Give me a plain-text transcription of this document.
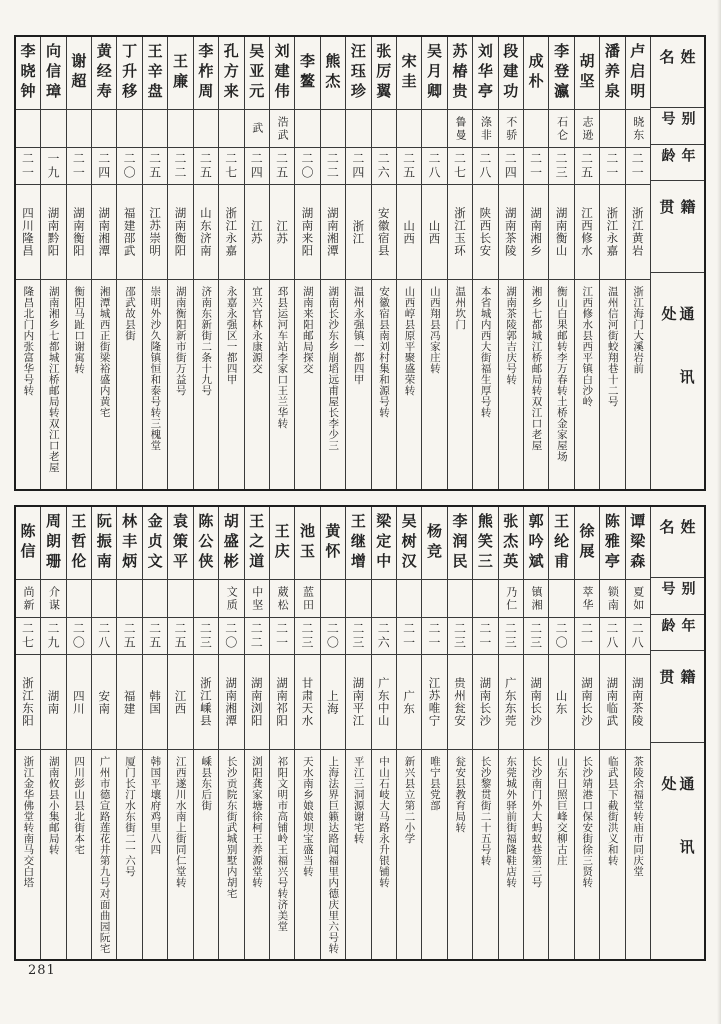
姓名
别号
年龄
籍贯
通讯处
卢启明
晓东
二一
浙江黄岩
浙江海门大溪岩前
潘养泉
二一
浙江永嘉
温州信河街蛟翔巷十二号
胡坚
志逊
二五
江西修水
江西修水县西平镇白沙岭
李登瀛
石仑
二三
湖南衡山
衡山白果邮转李万春转土桥金家屋场
成朴
二一
湖南湘乡
湘乡七都城江桥邮局转双江口老屋
段建功
不骄
二四
湖南茶陵
湖南茶陵郭吉庆号转
刘华亭
涤非
二八
陕西长安
本省城内西大街福生厚号转
苏椿贵
鲁曼
二七
浙江玉环
温州坎门
吴月卿
二八
山西
山西翔县冯家庄转
宋圭
二五
山西
山西崞县原平聚盛荣转
张厉翼
二六
安徽宿县
安徽宿县南刘村集和源号转
汪珏珍
二四
浙江
温州永强镇一都四甲
熊杰
二二
湖南湘潭
湖南长沙东乡崩塪远甫屋长李少三
李鳌
二〇
湖南来阳
湖南来阳邮局探交
刘建伟
浩武
二五
江苏
邳县运河车站李家口王兰华转
吴亚元
武
二四
江苏
宜兴官林永康源交
孔方来
二七
浙江永嘉
永嘉永强区一都四甲
李柞周
二五
山东济南
济南东新街二条十九号
王廉
二二
湖南衡阳
湖南衡阳新市街万益号
王辛盘
二五
江苏崇明
崇明外沙久隆镇恒和泰号转三槐堂
丁升移
二〇
福建邵武
邵武故县街
黄经寿
二四
湖南湘潭
湘潭城西正街梁裕盛内黄宅
谢超
二一
湖南衡阳
衡阳马趾口谢寓转
向信璋
一九
湖南黔阳
湖南湘乡七都城江桥邮局转双江口老屋
李晓钟
二一
四川隆昌
隆昌北门内张富华号转
姓名
别号
年龄
籍贯
通讯处
谭梁森
夏如
二八
湖南茶陵
茶陵余福堂转庙市同庆堂
陈雅亭
锁南
二八
湖南临武
临武县下截街洪义和转
徐展
萃华
二一
湖南长沙
长沙靖港口保安街徐三贤转
王纶甫
二〇
山东
山东日照巨峰交柳古庄
郭吟斌
镇湘
二三
湖南长沙
长沙南门外大蚂蚁巷第三号
张杰英
乃仁
二三
广东东莞
东莞城外驿前街福隆鞋店转
熊笑三
二一
湖南长沙
长沙黎贯街二十五号转
李润民
二三
贵州瓮安
瓮安县教育局转
杨竞
二一
江苏唯宁
唯宁县党部
吴树汉
二一
广东
新兴县立第二小学
梁定中
二六
广东中山
中山石岐大马路永升银铺转
王继增
二三
湖南平江
平江三洞源谢宅转
黄怀
二〇
上海
上海法界巨籁达路闻福里内德庆里六号转
池玉
蓝田
二三
甘肃天水
天水南乡娘娘坝宝盛当转
王庆
葳松
二一
湖南祁阳
祁阳文明市高铺岭王福兴号转济美堂
王之道
中坚
二二
湖南浏阳
浏阳龚家塘徐柯王养源堂转
胡盛彬
文质
二〇
湖南湘潭
长沙贡院东街武城别墅内胡宅
陈公侠
二三
浙江嵊县
嵊县东后街
袁策平
二五
江西
江西遂川水南上街同仁堂转
金贞文
二五
韩国
韩国平壤府鸡里八四
林丰炳
二五
福建
厦门长汀水东街二一六号
阮振南
二八
安南
广州市德宣路莲花井第九号对面曲园阮宅
王哲伦
二〇
四川
四川彭山县北街本宅
周朗珊
介谋
二九
湖南
湖南攸县小集邮局转
陈信
尚新
二七
浙江东阳
浙江金华佛堂转南马交白塔
281
